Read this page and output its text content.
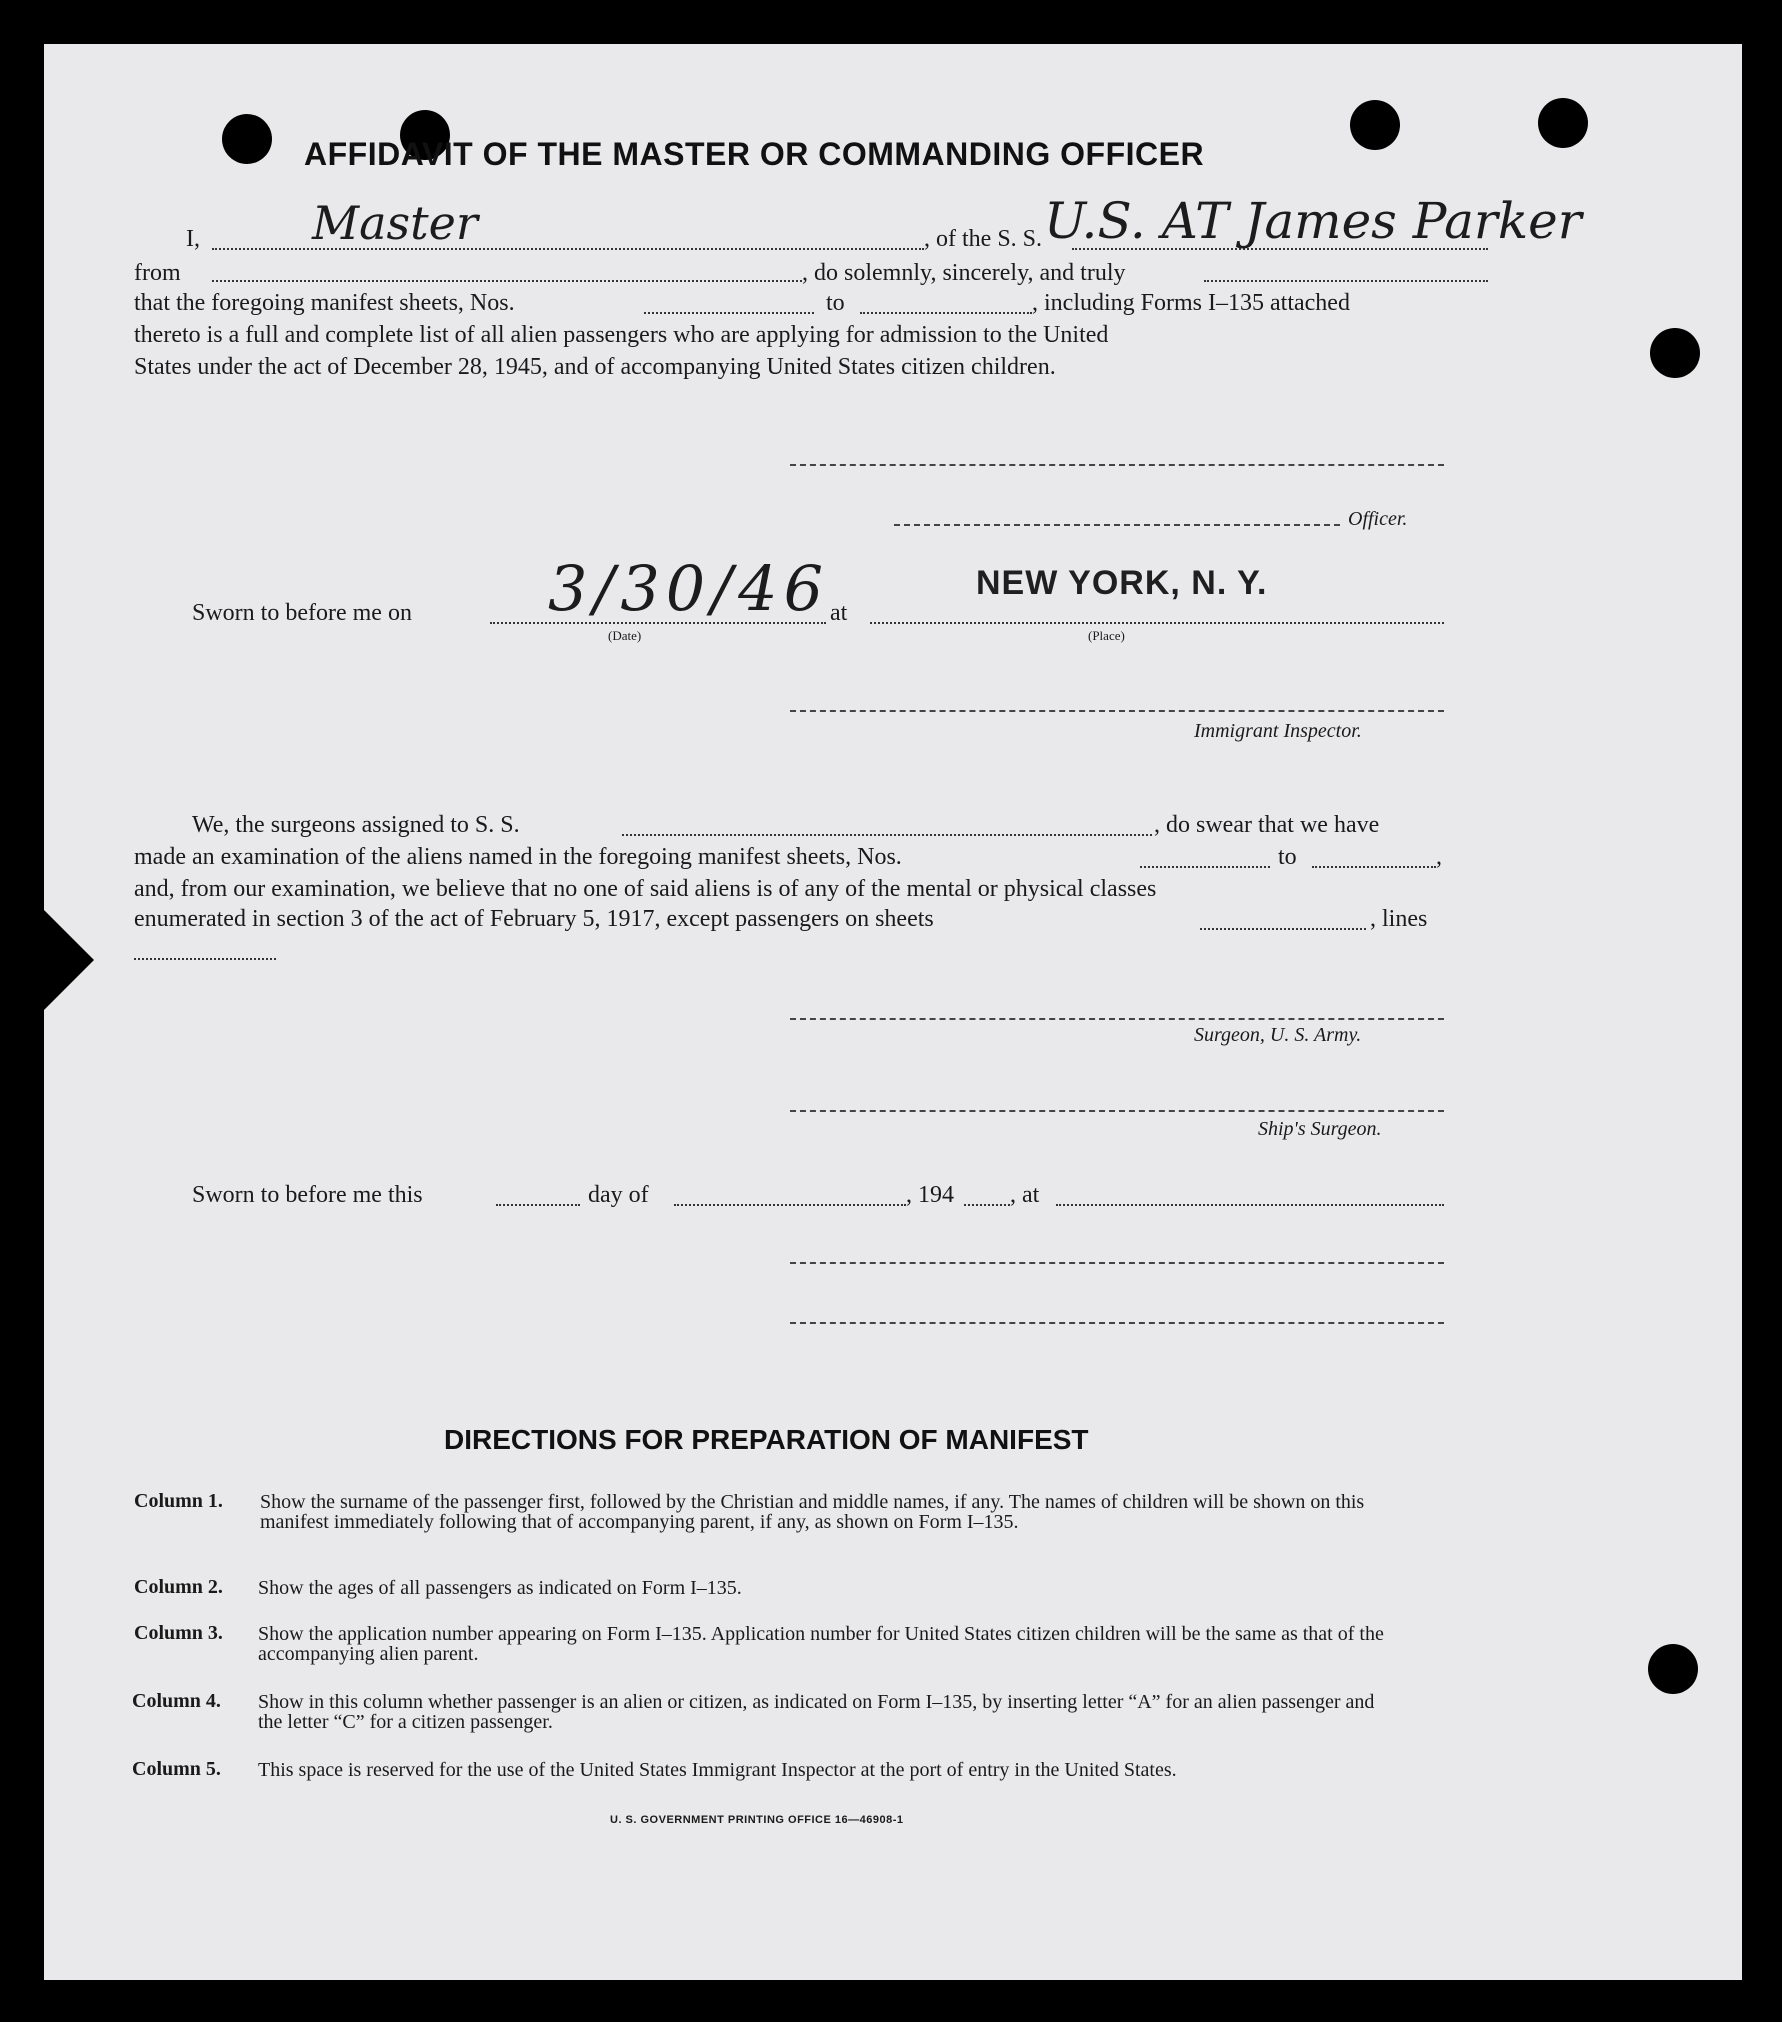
AFFIDAVIT OF THE MASTER OR COMMANDING OFFICER
I, Master	, of the S. S. U.S. AT James Parker
from	, do solemnly, sincerely, and truly
that the foregoing manifest sheets, Nos.	to	, including Forms I–135 attached
thereto is a full and complete list of all alien passengers who are applying for admission to the United
States under the act of December 28, 1945, and of accompanying United States citizen children.
Officer.
Sworn to before me on 3/30/46
(Date)
at
NEW YORK, N. Y.
(Place)
Immigrant Inspector.
We, the surgeons assigned to S. S.	, do swear that we have
made an examination of the aliens named in the foregoing manifest sheets, Nos.	to	,
and, from our examination, we believe that no one of said aliens is of any of the mental or physical classes
enumerated in section 3 of the act of February 5, 1917, except passengers on sheets	, lines
Surgeon, U. S. Army.
Ship's Surgeon.
Sworn to before me this	day of	, 194 , at
DIRECTIONS FOR PREPARATION OF MANIFEST
Column 1. Show the surname of the passenger first, followed by the Christian and middle names, if any. The names of children will be shown on this manifest immediately following that of accompanying parent, if any, as shown on Form I–135.
Column 2. Show the ages of all passengers as indicated on Form I–135.
Column 3. Show the application number appearing on Form I–135. Application number for United States citizen children will be the same as that of the accompanying alien parent.
Column 4. Show in this column whether passenger is an alien or citizen, as indicated on Form I–135, by inserting letter “A” for an alien passenger and the letter “C” for a citizen passenger.
Column 5. This space is reserved for the use of the United States Immigrant Inspector at the port of entry in the United States.
U. S. GOVERNMENT PRINTING OFFICE 16—46908-1
